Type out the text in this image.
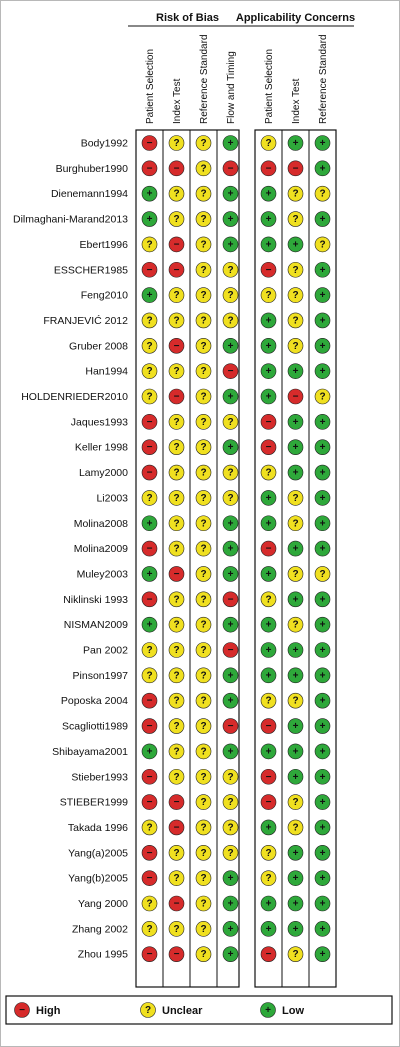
Risk of Bias
Patient Selection Index Test Reference Standard Flow and Timing
Applicability Concerns
Patient Selection Index Test Reference Standard
Body1992 − ? ? +	? + +
Burghuber1990 − − ? −	− − +
Dienemann1994 + ? ? +	+ ? ?
Dilmaghani-Marand2013 + ? ? +	+ ? +
Ebert1996 ? − ? +	+ + ?
ESSCHER1985 − − ? ?	− ? +
Feng2010 + ? ? ?	? ? +
FRANJEVIĆ 2012 ? ? ? ?	+ ? +
Gruber 2008 ? − ? +	+ ? +
Han1994 ? ? ? −	+ + +
HOLDENRIEDER2010 ? − ? +	+ − ?
Jaques1993 − ? ? ?	− + +
Keller 1998 − ? ? +	− + +
Lamy2000 − ? ? ?	? + +
Li2003 ? ? ? ?	+ ? +
Molina2008 + ? ? +	+ ? +
Molina2009 − ? ? +	− + +
Muley2003 + − ? +	+ ? ?
Niklinski 1993 − ? ? −	? + +
NISMAN2009 + ? ? +	+ ? +
Pan 2002 ? ? ? −	+ + +
Pinson1997 ? ? ? +	+ + +
Poposka 2004 − ? ? +	? ? +
Scagliotti1989 − ? ? −	− + +
Shibayama2001 + ? ? +	+ + +
Stieber1993 − ? ? ?	− + +
STIEBER1999 − − ? ?	− ? +
Takada 1996 ? − ? ?	+ ? +
Yang(a)2005 − ? ? ?	? + +
Yang(b)2005 − ? ? +	? + +
Yang 2000 ? − ? +	+ + +
Zhang 2002 ? ? ? +	+ + +
Zhou 1995 − − ? +	− ? +
− High	? Unclear	+ Low
